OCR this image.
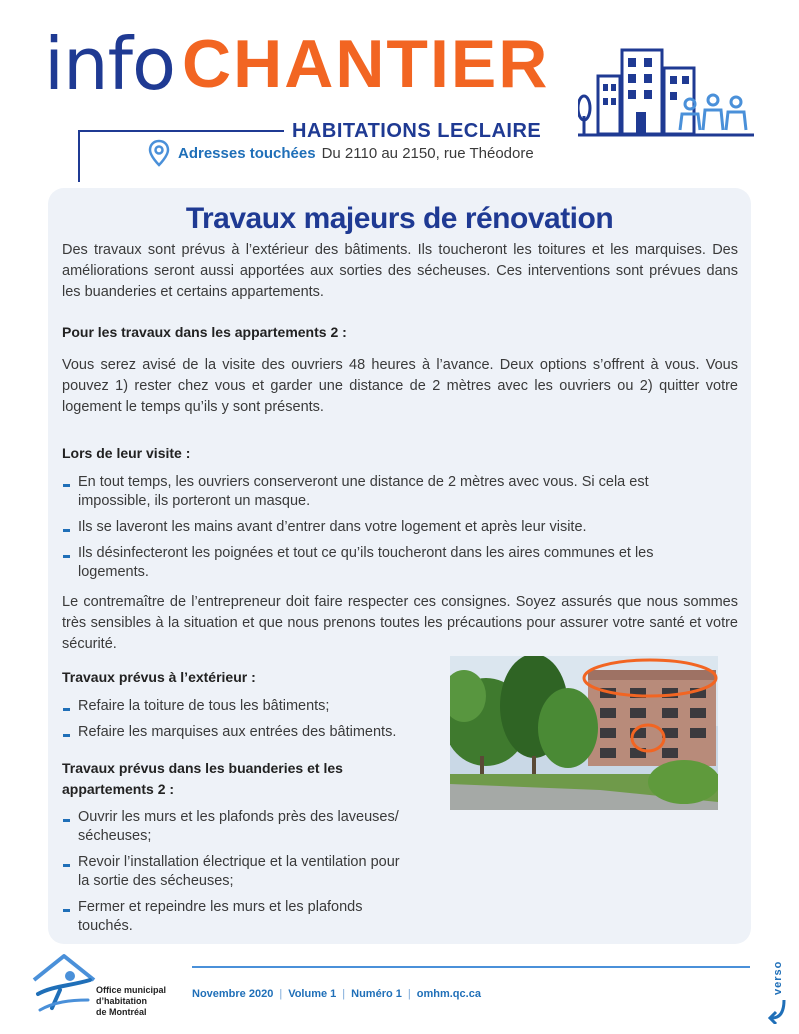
info CHANTIER
HABITATIONS LECLAIRE
Adresses touchées Du 2110 au 2150, rue Théodore
Travaux majeurs de rénovation

Des travaux sont prévus à l’extérieur des bâtiments. Ils toucheront les toitures et les marquises. Des améliorations seront aussi apportées aux sorties des sécheuses. Ces interventions sont prévues dans les buanderies et certains appartements.

Pour les travaux dans les appartements 2 :

Vous serez avisé de la visite des ouvriers 48 heures à l’avance. Deux options s’offrent à vous. Vous pouvez 1) rester chez vous et garder une distance de 2 mètres avec les ouvriers ou 2) quitter votre logement le temps qu’ils y sont présents.

Lors de leur visite :
En tout temps, les ouvriers conserveront une distance de 2 mètres avec vous. Si cela est impossible, ils porteront un masque.
Ils se laveront les mains avant d’entrer dans votre logement et après leur visite.
Ils désinfecteront les poignées et tout ce qu’ils toucheront dans les aires communes et les logements.

Le contremaître de l’entrepreneur doit faire respecter ces consignes. Soyez assurés que nous sommes très sensibles à la situation et que nous prenons toutes les précautions pour assurer votre santé et votre sécurité.

Travaux prévus à l’extérieur :
Refaire la toiture de tous les bâtiments;
Refaire les marquises aux entrées des bâtiments.
Travaux prévus dans les buanderies et les
appartements 2 :
Ouvrir les murs et les plafonds près des laveuses/ sécheuses;
Revoir l’installation électrique et la ventilation pour la sortie des sécheuses;
Fermer et repeindre les murs et les plafonds touchés.
Office municipal
d’habitation
de Montréal
Novembre 2020 | Volume 1 | Numéro 1 | omhm.qc.ca	verso
